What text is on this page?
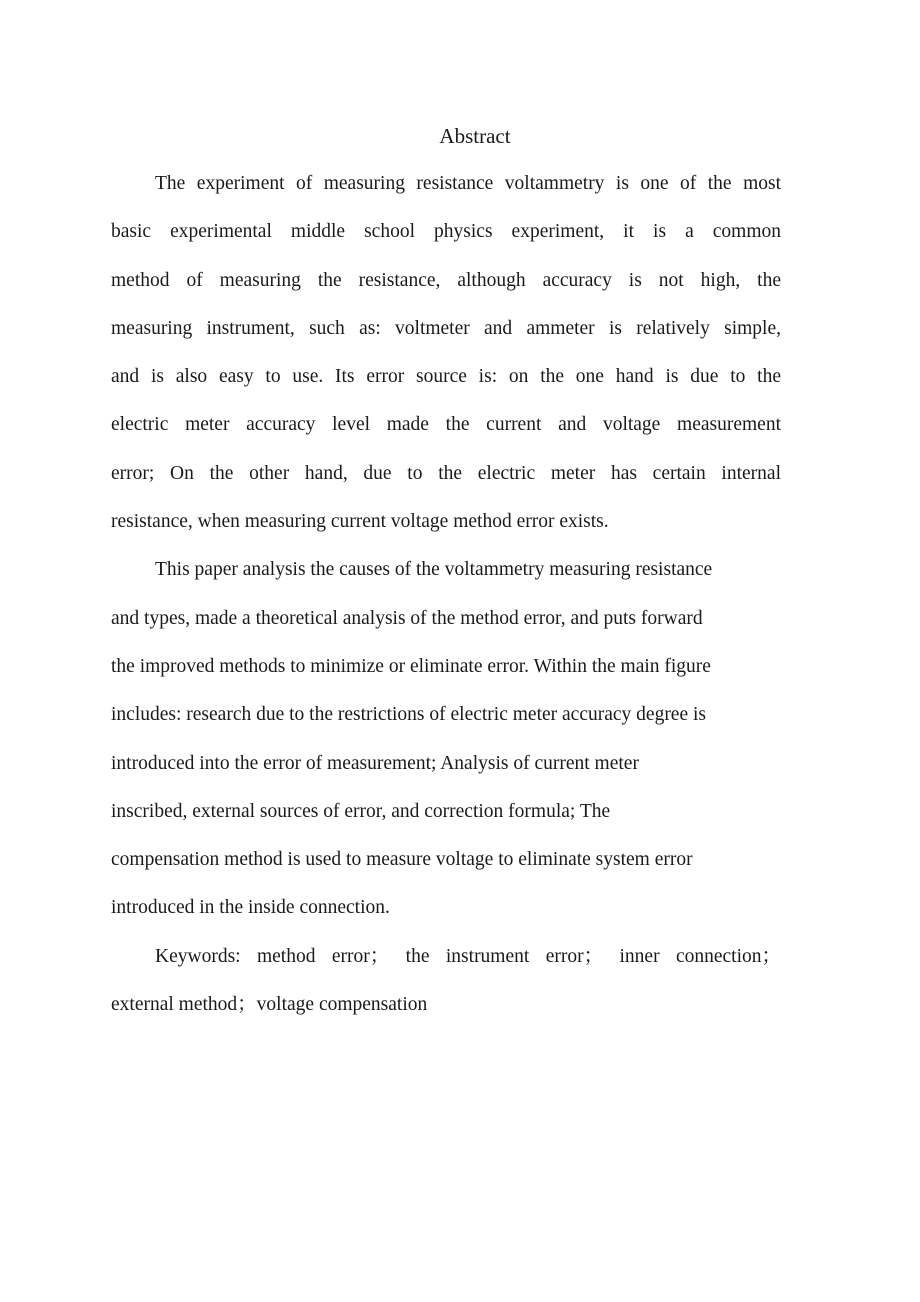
Abstract

The experiment of measuring resistance voltammetry is one of the most
basic experimental middle school physics experiment, it is a common
method of measuring the resistance, although accuracy is not high, the
measuring instrument, such as: voltmeter and ammeter is relatively simple,
and is also easy to use. Its error source is: on the one hand is due to the
electric meter accuracy level made the current and voltage measurement
error; On the other hand, due to the electric meter has certain internal
resistance, when measuring current voltage method error exists.

This paper analysis the causes of the voltammetry measuring resistance
and types, made a theoretical analysis of the method error, and puts forward
the improved methods to minimize or eliminate error. Within the main figure
includes: research due to the restrictions of electric meter accuracy degree is
introduced into the error of measurement; Analysis of current meter
inscribed, external sources of error, and correction formula; The
compensation method is used to measure voltage to eliminate system error
introduced in the inside connection.

Keywords: method error； the instrument error； inner connection；
external method；voltage compensation
